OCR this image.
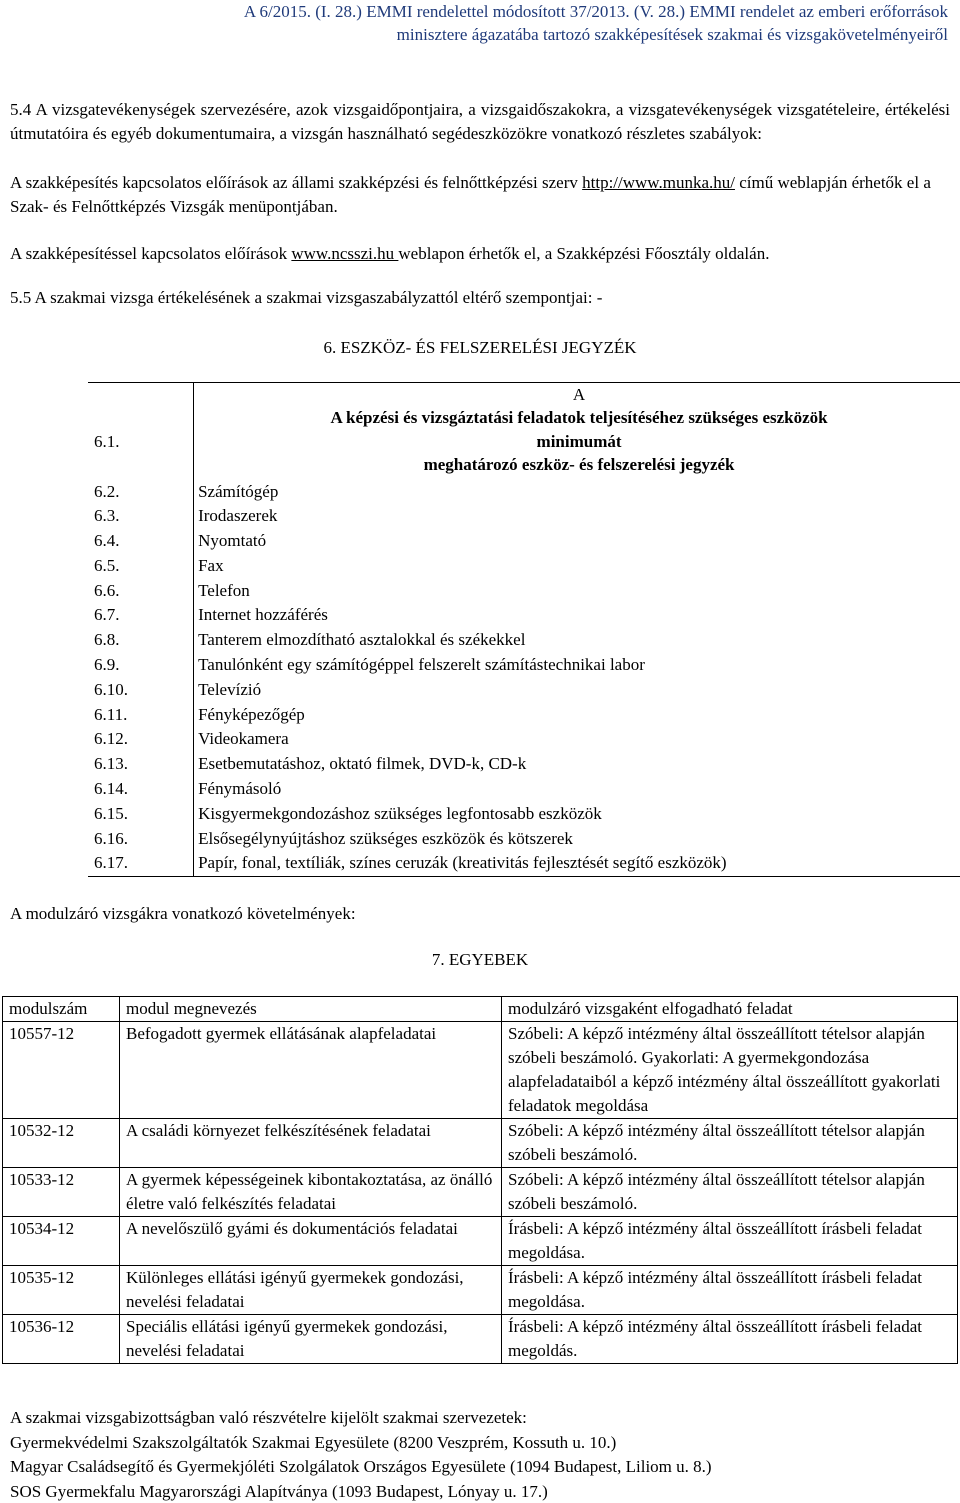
A 6/2015. (I. 28.) EMMI rendelettel módosított 37/2013. (V. 28.) EMMI rendelet az emberi erőforrások
minisztere ágazatába tartozó szakképesítések szakmai és vizsgakövetelményeiről
5.4 A vizsgatevékenységek szervezésére, azok vizsgaidőpontjaira, a vizsgaidőszakokra, a vizsgatevékenységek vizsgatételeire, értékelési útmutatóira és egyéb dokumentumaira, a vizsgán használható segédeszközökre vonatkozó részletes szabályok:
A szakképesítés kapcsolatos előírások az állami szakképzési és felnőttképzési szerv http://www.munka.hu/ című weblapján érhetők el a Szak- és Felnőttképzés Vizsgák menüpontjában.
A szakképesítéssel kapcsolatos előírások www.ncsszi.hu weblapon érhetők el, a Szakképzési Főosztály oldalán.
5.5 A szakmai vizsga értékelésének a szakmai vizsgaszabályzattól eltérő szempontjai: -
6. ESZKÖZ- ÉS FELSZERELÉSI JEGYZÉK
	A
6.1.	A képzési és vizsgáztatási feladatok teljesítéséhez szükséges eszközök
minimumát
meghatározó eszköz- és felszerelési jegyzék

6.2.	Számítógép
6.3.	Irodaszerek
6.4.	Nyomtató
6.5.	Fax
6.6.	Telefon
6.7.	Internet hozzáférés
6.8.	Tanterem elmozdítható asztalokkal és székekkel
6.9.	Tanulónként egy számítógéppel felszerelt számítástechnikai labor
6.10.	Televízió
6.11.	Fényképezőgép
6.12.	Videokamera
6.13.	Esetbemutatáshoz, oktató filmek, DVD-k, CD-k
6.14.	Fénymásoló
6.15.	Kisgyermekgondozáshoz szükséges legfontosabb eszközök
6.16.	Elsősegélynyújtáshoz szükséges eszközök és kötszerek
6.17.	Papír, fonal, textíliák, színes ceruzák (kreativitás fejlesztését segítő eszközök)
A modulzáró vizsgákra vonatkozó követelmények:
7. EGYEBEK
modulszám	modul megnevezés	modulzáró vizsgaként elfogadható feladat
10557-12	Befogadott gyermek ellátásának alapfeladatai	Szóbeli: A képző intézmény által összeállított tételsor alapján szóbeli beszámoló. Gyakorlati: A gyermekgondozása alapfeladataiból a képző intézmény által összeállított gyakorlati feladatok megoldása
10532-12	A családi környezet felkészítésének feladatai	Szóbeli: A képző intézmény által összeállított tételsor alapján szóbeli beszámoló.
10533-12	A gyermek képességeinek kibontakoztatása, az önálló életre való felkészítés feladatai	Szóbeli: A képző intézmény által összeállított tételsor alapján szóbeli beszámoló.
10534-12	A nevelőszülő gyámi és dokumentációs feladatai	Írásbeli: A képző intézmény által összeállított írásbeli feladat megoldása.
10535-12	Különleges ellátási igényű gyermekek gondozási, nevelési feladatai	Írásbeli: A képző intézmény által összeállított írásbeli feladat megoldása.
10536-12	Speciális ellátási igényű gyermekek gondozási, nevelési feladatai	Írásbeli: A képző intézmény által összeállított írásbeli feladat megoldás.
A szakmai vizsgabizottságban való részvételre kijelölt szakmai szervezetek:
Gyermekvédelmi Szakszolgáltatók Szakmai Egyesülete (8200 Veszprém, Kossuth u. 10.)
Magyar Családsegítő és Gyermekjóléti Szolgálatok Országos Egyesülete (1094 Budapest, Liliom u. 8.)
SOS Gyermekfalu Magyarországi Alapítványa (1093 Budapest, Lónyay u. 17.)
